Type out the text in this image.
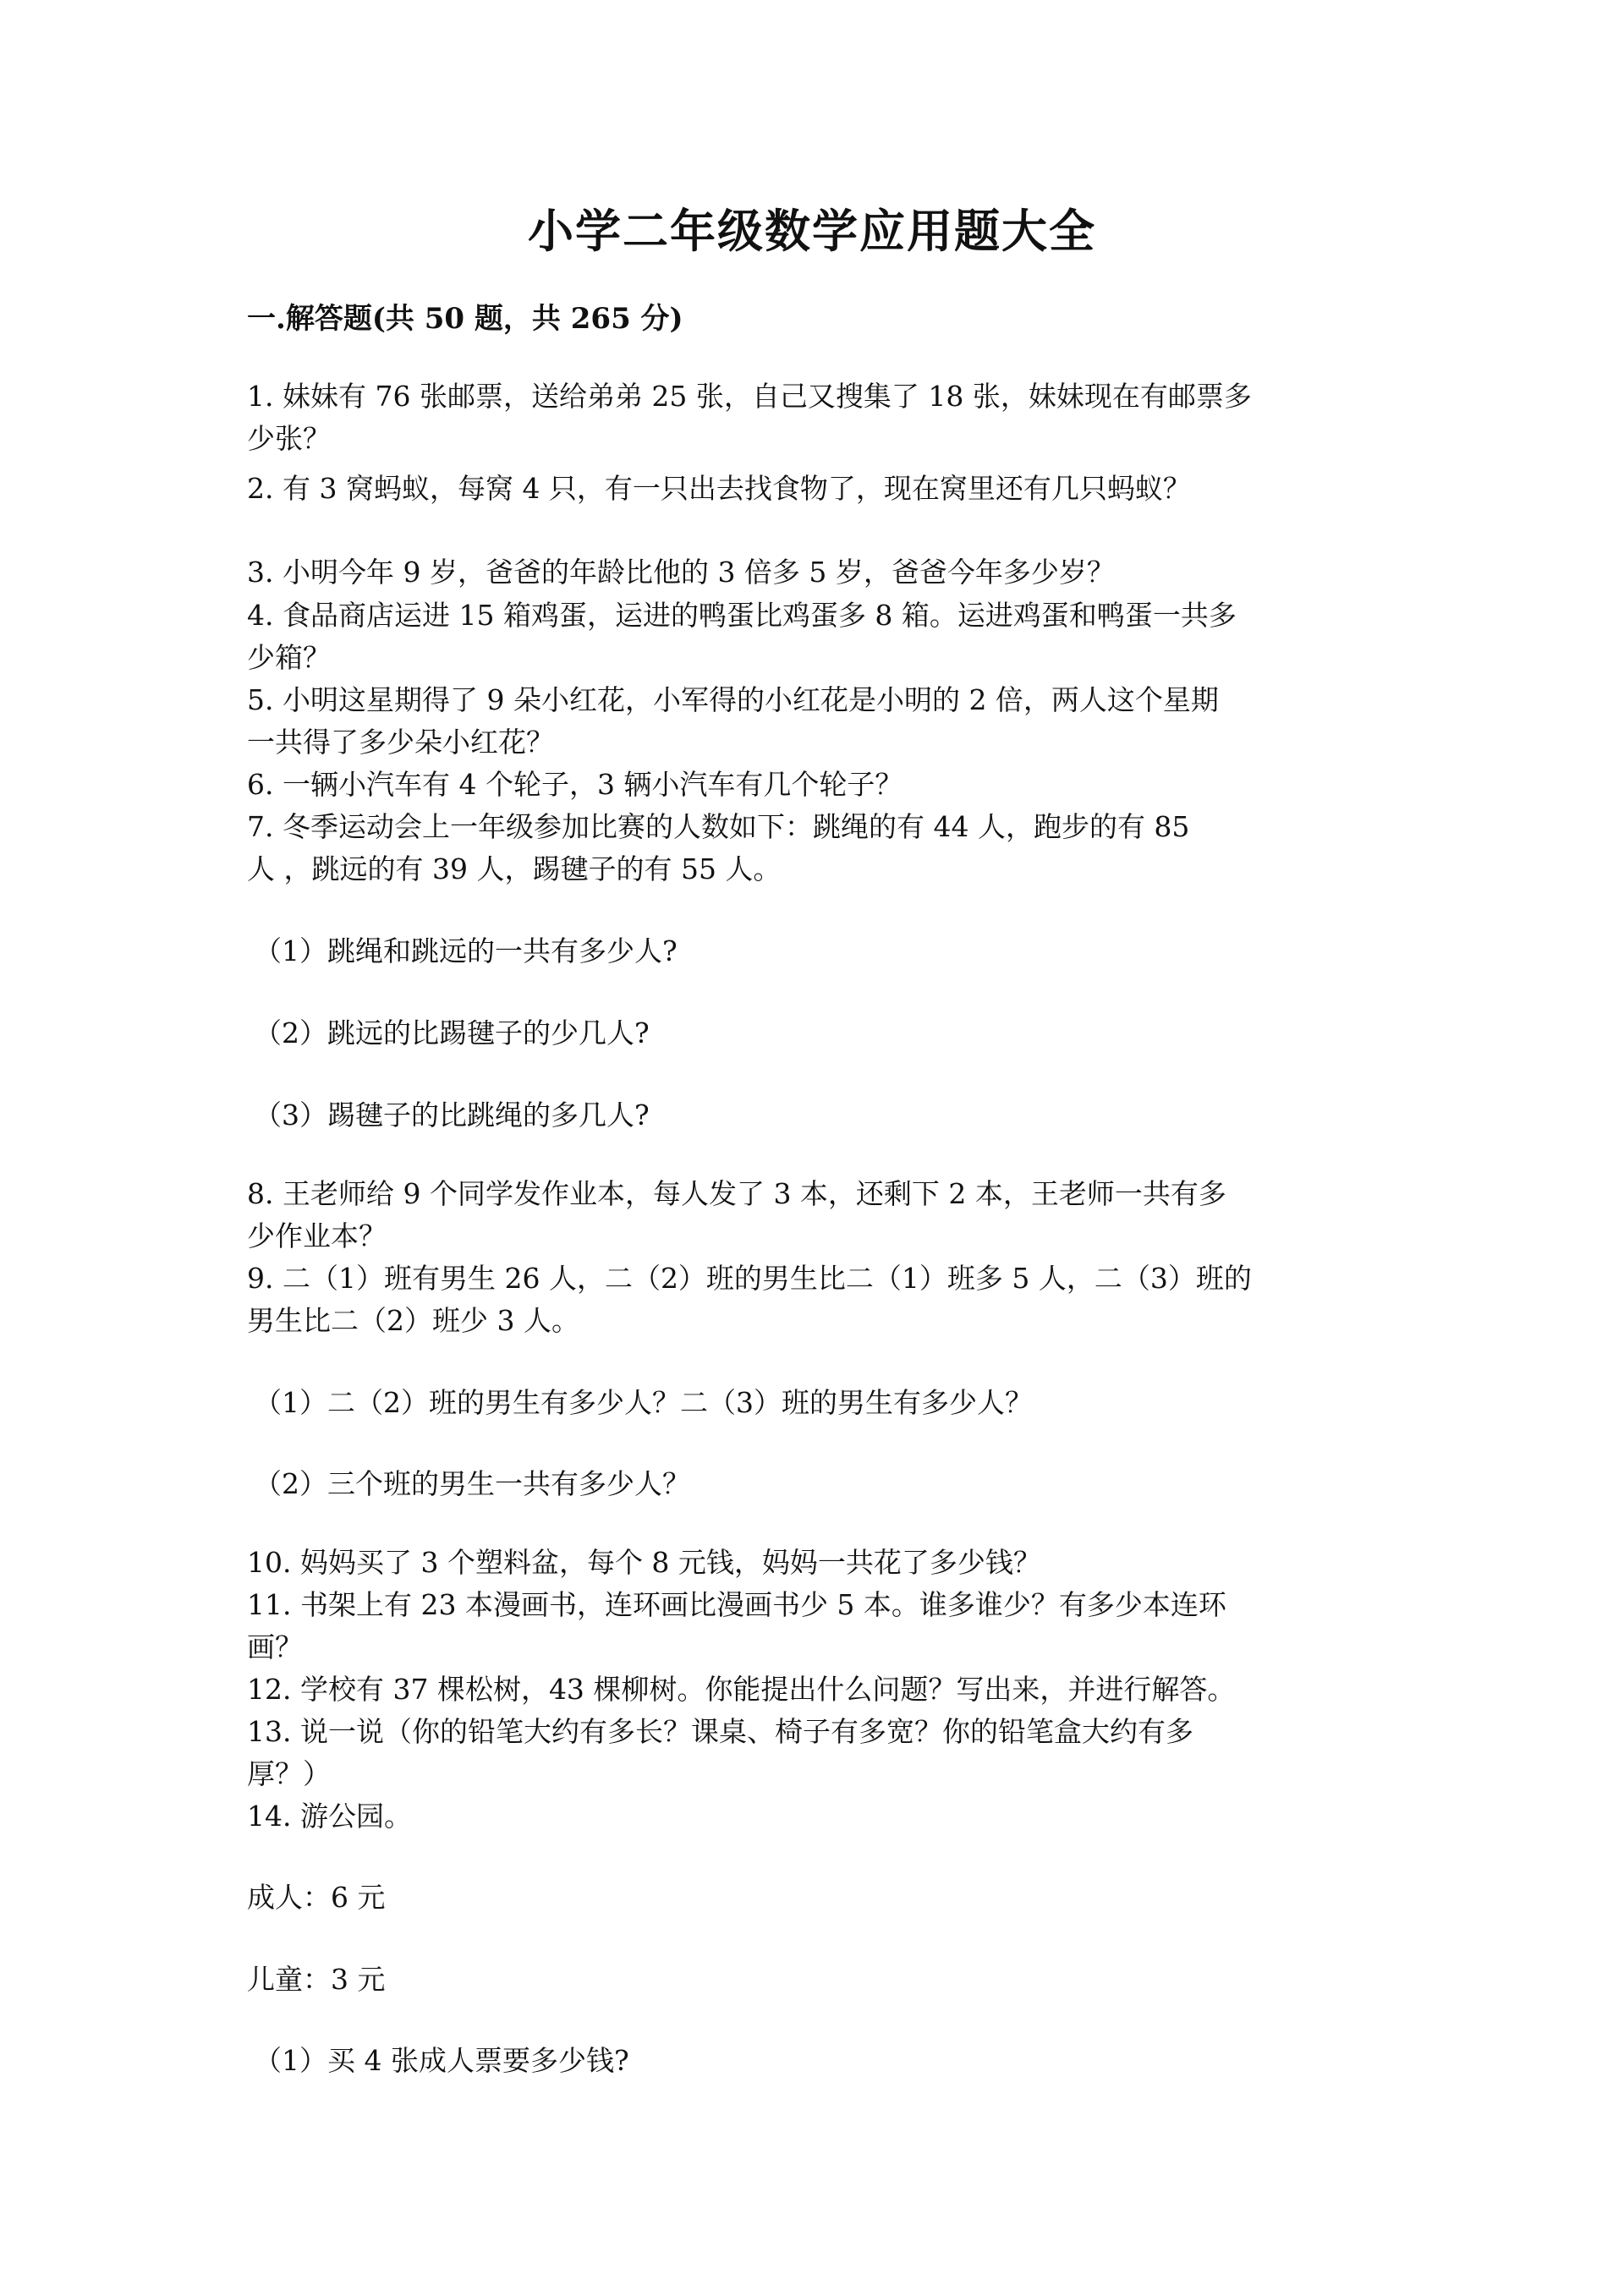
小学二年级数学应用题大全
一.解答题(共 50 题，共 265 分)
1. 妹妹有 76 张邮票，送给弟弟 25 张，自己又搜集了 18 张，妹妹现在有邮票多
少张？
2. 有 3 窝蚂蚁，每窝 4 只，有一只出去找食物了，现在窝里还有几只蚂蚁？
3. 小明今年 9 岁，爸爸的年龄比他的 3 倍多 5 岁，爸爸今年多少岁？
4. 食品商店运进 15 箱鸡蛋，运进的鸭蛋比鸡蛋多 8 箱。运进鸡蛋和鸭蛋一共多
少箱？
5. 小明这星期得了 9 朵小红花，小军得的小红花是小明的 2 倍，两人这个星期
一共得了多少朵小红花？
6. 一辆小汽车有 4 个轮子，3 辆小汽车有几个轮子？
7. 冬季运动会上一年级参加比赛的人数如下：跳绳的有 44 人，跑步的有 85
人 ，跳远的有 39 人，踢毽子的有 55 人。
（1）跳绳和跳远的一共有多少人?
（2）跳远的比踢毽子的少几人?
（3）踢毽子的比跳绳的多几人?
8. 王老师给 9 个同学发作业本，每人发了 3 本，还剩下 2 本，王老师一共有多
少作业本？
9. 二（1）班有男生 26 人，二（2）班的男生比二（1）班多 5 人，二（3）班的
男生比二（2）班少 3 人。
（1）二（2）班的男生有多少人？二（3）班的男生有多少人？
（2）三个班的男生一共有多少人？
10. 妈妈买了 3 个塑料盆，每个 8 元钱，妈妈一共花了多少钱？
11. 书架上有 23 本漫画书，连环画比漫画书少 5 本。谁多谁少？有多少本连环
画？
12. 学校有 37 棵松树，43 棵柳树。你能提出什么问题？写出来，并进行解答。
13. 说一说（你的铅笔大约有多长？课桌、椅子有多宽？你的铅笔盒大约有多
厚？）
14. 游公园。
成人：6 元
儿童：3 元
（1）买 4 张成人票要多少钱?
